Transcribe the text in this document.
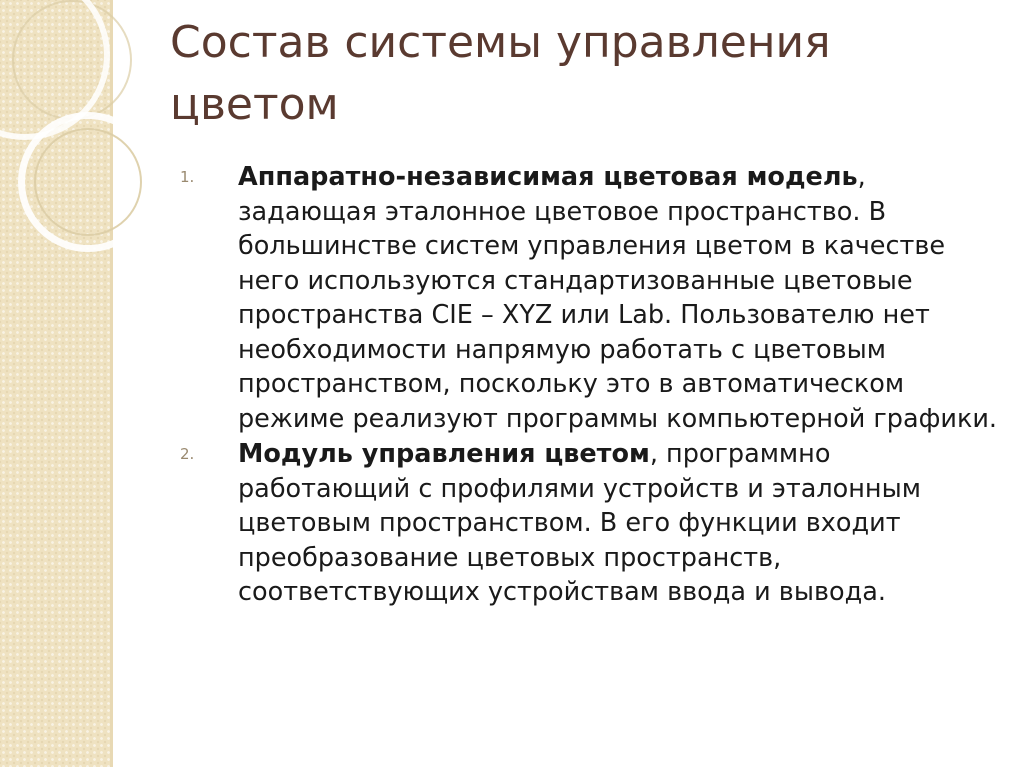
Состав системы управления цветом
1. Аппаратно-независимая цветовая модель, задающая эталонное цветовое пространство. В большинстве систем управления цветом в качестве него используются стандартизованные цветовые пространства CIE – XYZ или Lab. Пользователю нет необходимости напрямую работать с цветовым пространством, поскольку это в автоматическом режиме реализуют программы компьютерной графики.
2. Модуль управления цветом, программно работающий с профилями устройств и эталонным цветовым пространством. В его функции входит преобразование цветовых пространств, соответствующих устройствам ввода и вывода.
